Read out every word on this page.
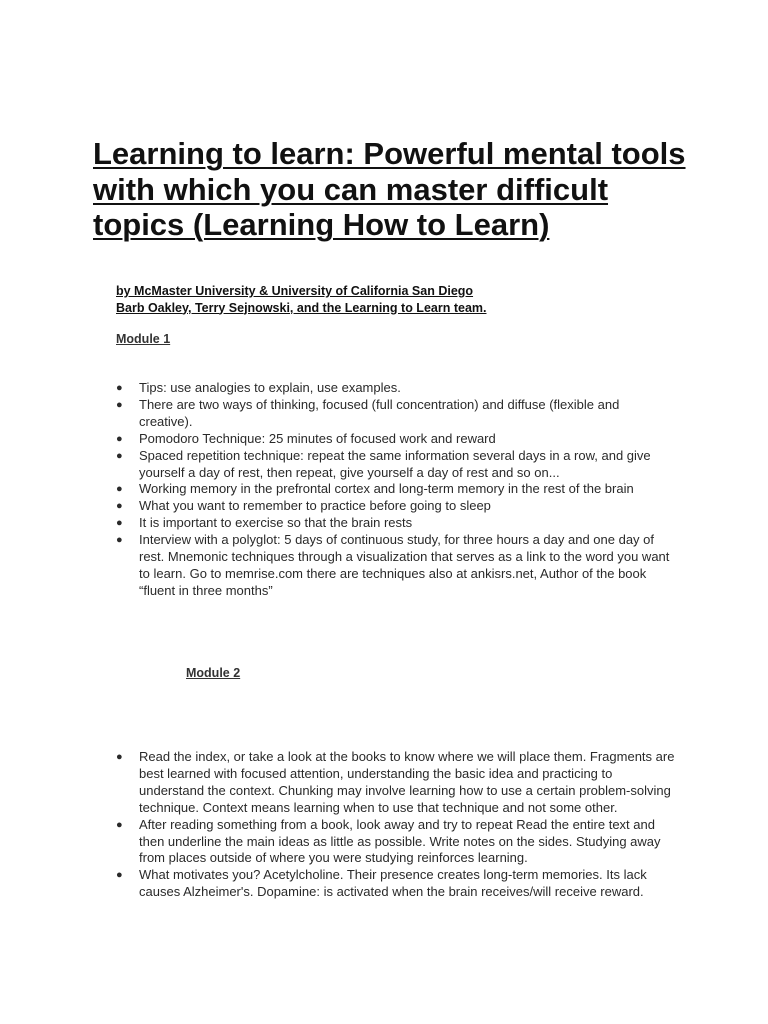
Learning to learn: Powerful mental tools with which you can master difficult topics (Learning How to Learn)
by McMaster University & University of California San Diego
Barb Oakley, Terry Sejnowski, and the Learning to Learn team.
Module 1
● Tips: use analogies to explain, use examples.
● There are two ways of thinking, focused (full concentration) and diffuse (flexible and creative).
● Pomodoro Technique: 25 minutes of focused work and reward
● Spaced repetition technique: repeat the same information several days in a row, and give yourself a day of rest, then repeat, give yourself a day of rest and so on...
● Working memory in the prefrontal cortex and long-term memory in the rest of the brain
● What you want to remember to practice before going to sleep
● It is important to exercise so that the brain rests
● Interview with a polyglot: 5 days of continuous study, for three hours a day and one day of rest. Mnemonic techniques through a visualization that serves as a link to the word you want to learn. Go to memrise.com there are techniques also at ankisrs.net, Author of the book “fluent in three months”
Module 2
● Read the index, or take a look at the books to know where we will place them. Fragments are best learned with focused attention, understanding the basic idea and practicing to understand the context. Chunking may involve learning how to use a certain problem-solving technique. Context means learning when to use that technique and not some other.
● After reading something from a book, look away and try to repeat Read the entire text and then underline the main ideas as little as possible. Write notes on the sides. Studying away from places outside of where you were studying reinforces learning.
● What motivates you? Acetylcholine. Their presence creates long-term memories. Its lack causes Alzheimer's. Dopamine: is activated when the brain receives/will receive reward.
